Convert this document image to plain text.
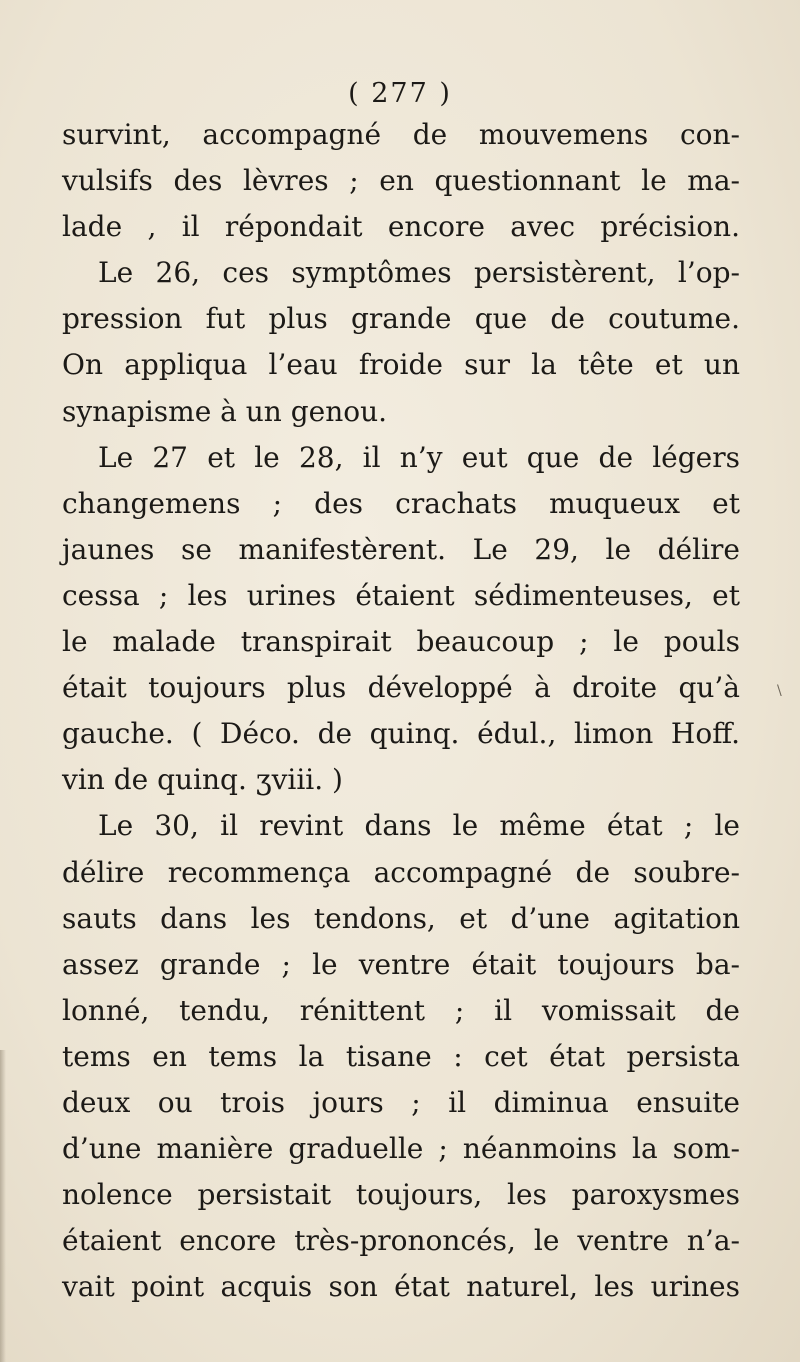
( 277 )
survint, accompagné de mouvemens con-
vulsifs des lèvres ; en questionnant le ma-
lade , il répondait encore avec précision.
Le 26, ces symptômes persistèrent, l’op-
pression fut plus grande que de coutume.
On appliqua l’eau froide sur la tête et un
synapisme à un genou.
Le 27 et le 28, il n’y eut que de légers
changemens ; des crachats muqueux et
jaunes se manifestèrent. Le 29, le délire
cessa ; les urines étaient sédimenteuses, et
le malade transpirait beaucoup ; le pouls
était toujours plus développé à droite qu’à
gauche. ( Déco. de quinq. édul., limon Hoff.
vin de quinq. ʒviii. )
Le 30, il revint dans le même état ; le
délire recommença accompagné de soubre-
sauts dans les tendons, et d’une agitation
assez grande ; le ventre était toujours ba-
lonné, tendu, rénittent ; il vomissait de
tems en tems la tisane : cet état persista
deux ou trois jours ; il diminua ensuite
d’une manière graduelle ; néanmoins la som-
nolence persistait toujours, les paroxysmes
étaient encore très-prononcés, le ventre n’a-
vait point acquis son état naturel, les urines
\
